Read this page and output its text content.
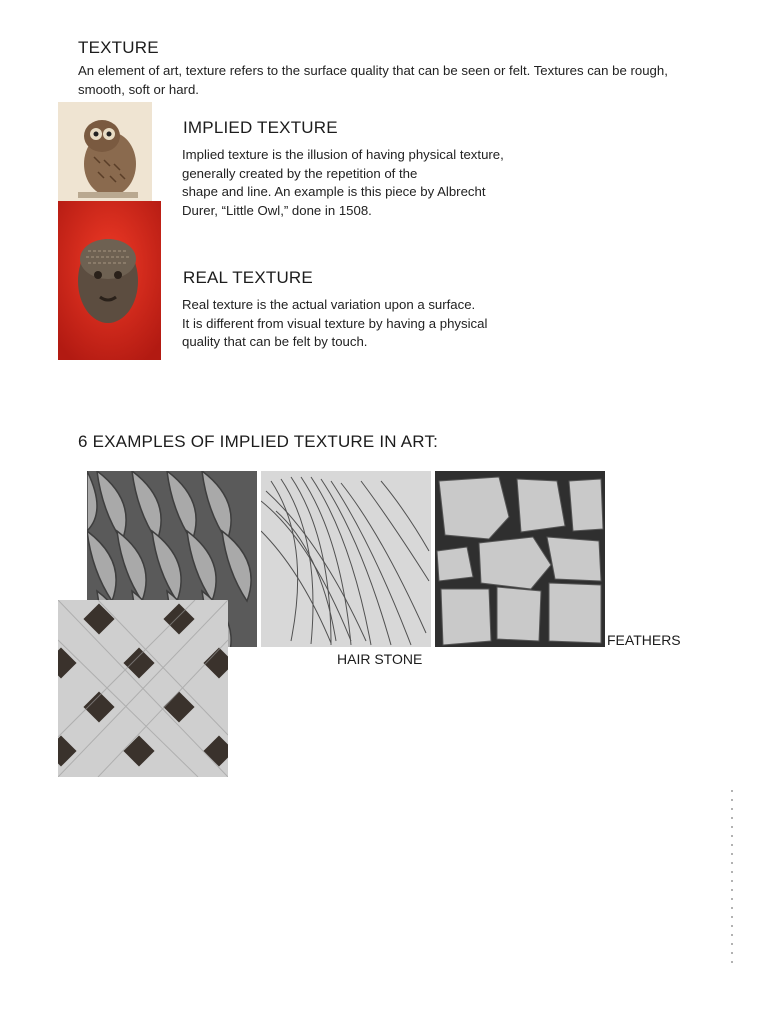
TEXTURE
An element of art, texture refers to the surface quality that can be seen or felt. Textures can be rough, smooth, soft or hard.
IMPLIED TEXTURE
Implied texture is the illusion of having physical texture,
generally created by the repetition of the
shape and line. An example is this piece by Albrecht
Durer, “Little Owl,” done in 1508.
REAL TEXTURE
Real texture is the actual variation upon a surface.
It is different from visual texture by having a physical
quality that can be felt by touch.
6 EXAMPLES OF IMPLIED TEXTURE IN ART:
FEATHERS
HAIR STONE
